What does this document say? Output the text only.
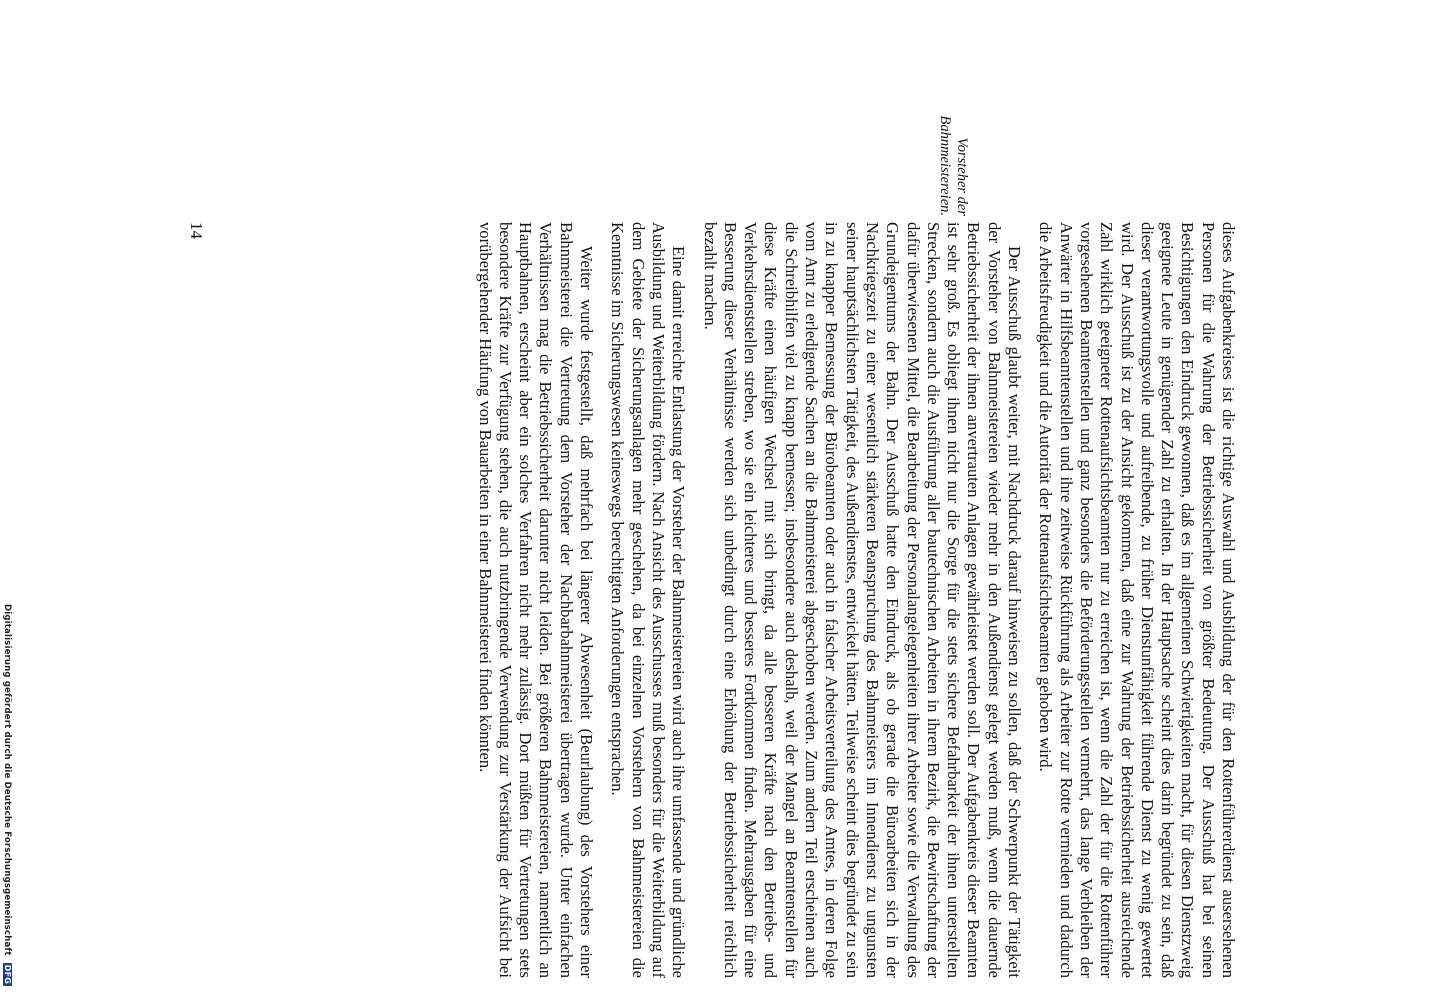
dieses Aufgabenkreises ist die richtige Auswahl und Ausbildung der für den Rottenführerdienst ausersehenen Personen für die Wahrung der Betriebssicherheit von größter Bedeutung. Der Ausschuß hat bei seinen Besichtigungen den Eindruck gewonnen, daß es im allgemeinen Schwierigkeiten macht, für diesen Dienstzweig geeignete Leute in genügender Zahl zu erhalten. In der Hauptsache scheint dies darin begründet zu sein, daß dieser verantwortungsvolle und aufreibende, zu früher Dienstunfähigkeit führende Dienst zu wenig gewertet wird. Der Ausschuß ist zu der Ansicht gekommen, daß eine zur Wahrung der Betriebssicherheit ausreichende Zahl wirklich geeigneter Rottenaufsichtsbeamten nur zu erreichen ist, wenn die Zahl der für die Rottenführer vorgesehenen Beamtenstellen und ganz besonders die Beförderungsstellen vermehrt, das lange Verbleiben der Anwärter in Hilfsbeamtenstellen und ihre zeitweise Rückführung als Arbeiter zur Rotte vermieden und dadurch die Arbeitsfreudigkeit und die Autorität der Rottenaufsichtsbeamten gehoben wird.

Der Ausschuß glaubt weiter, mit Nachdruck darauf hinweisen zu sollen, daß der Schwerpunkt der Tätigkeit der Vorsteher von Bahnmeistereien wieder mehr in den Außendienst gelegt werden muß, wenn die dauernde Betriebssicherheit der ihnen anvertrauten Anlagen gewährleistet werden soll. Der Aufgabenkreis dieser Beamten ist sehr groß. Es obliegt ihnen nicht nur die Sorge für die stets sichere Befahrbarkeit der ihnen unterstellten Strecken, sondern auch die Ausführung aller bautechnischen Arbeiten in ihrem Bezirk, die Bewirtschaftung der dafür überwiesenen Mittel, die Bearbeitung der Personalangelegenheiten ihrer Arbeiter sowie die Verwaltung des Grundeigentums der Bahn. Der Ausschuß hatte den Eindruck, als ob gerade die Büroarbeiten sich in der Nachkriegszeit zu einer wesentlich stärkeren Beanspruchung des Bahnmeisters im Innendienst zu ungunsten seiner hauptsächlichsten Tätigkeit, des Außendienstes, entwickelt hätten. Teilweise scheint dies begründet zu sein in zu knapper Bemessung der Bürobeamten oder auch in falscher Arbeitsverteilung des Amtes, in deren Folge vom Amt zu erledigende Sachen an die Bahnmeisterei abgeschoben werden. Zum andern Teil erscheinen auch die Schreibhilfen viel zu knapp bemessen; insbesondere auch deshalb, weil der Mangel an Beamtenstellen für diese Kräfte einen häufigen Wechsel mit sich bringt, da alle besseren Kräfte nach den Betriebs- und Verkehrsdienststellen streben, wo sie ein leichteres und besseres Fortkommen finden. Mehrausgaben für eine Besserung dieser Verhältnisse werden sich unbedingt durch eine Erhöhung der Betriebssicherheit reichlich bezahlt machen.

Eine damit erreichte Entlastung der Vorsteher der Bahnmeistereien wird auch ihre umfassende und gründliche Ausbildung und Weiterbildung fördern. Nach Ansicht des Ausschusses muß besonders für die Weiterbildung auf dem Gebiete der Sicherungsanlagen mehr geschehen, da bei einzelnen Vorstehern von Bahnmeistereien die Kenntnisse im Sicherungswesen keineswegs berechtigten Anforderungen entsprachen.

Weiter wurde festgestellt, daß mehrfach bei längerer Abwesenheit (Beurlaubung) des Vorstehers einer Bahnmeisterei die Vertretung dem Vorsteher der Nachbarbahnmeisterei übertragen wurde. Unter einfachen Verhältnissen mag die Betriebssicherheit darunter nicht leiden. Bei größeren Bahnmeistereien, namentlich an Hauptbahnen, erscheint aber ein solches Verfahren nicht mehr zulässig. Dort müßten für Vertretungen stets besondere Kräfte zur Verfügung stehen, die auch nutzbringende Verwendung zur Verstärkung der Aufsicht bei vorübergehender Häufung von Bauarbeiten in einer Bahnmeisterei finden könnten.

Vorsteher der Bahnmeistereien.
14
Digitalisierung gefördert durch die Deutsche Forschungsgemeinschaft DFG
